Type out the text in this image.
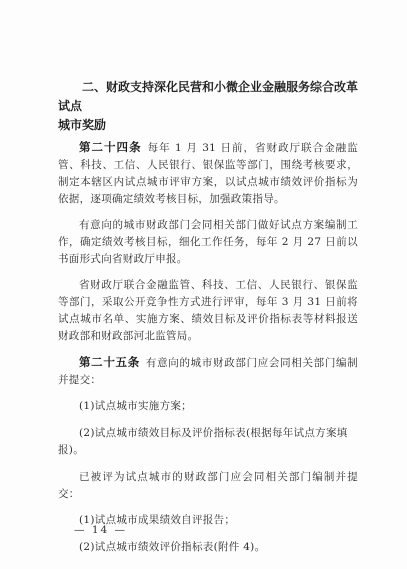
二、财政支持深化民营和小微企业金融服务综合改革试点
城市奖励

第二十四条 每年 1 月 31 日前，省财政厅联合金融监管、科技、工信、人民银行、银保监等部门，围绕考核要求，制定本辖区内试点城市评审方案，以试点城市绩效评价指标为依据，逐项确定绩效考核目标，加强政策指导。

有意向的城市财政部门会同相关部门做好试点方案编制工作，确定绩效考核目标，细化工作任务，每年 2 月 27 日前以书面形式向省财政厅申报。

省财政厅联合金融监管、科技、工信、人民银行、银保监等部门，采取公开竞争性方式进行评审，每年 3 月 31 日前将试点城市名单、实施方案、绩效目标及评价指标表等材料报送财政部和财政部河北监管局。

第二十五条 有意向的城市财政部门应会同相关部门编制并提交：

(1)试点城市实施方案；

(2)试点城市绩效目标及评价指标表(根据每年试点方案填报)。

已被评为试点城市的财政部门应会同相关部门编制并提交：

(1)试点城市成果绩效自评报告；

(2)试点城市绩效评价指标表(附件 4)。

— 14 —
